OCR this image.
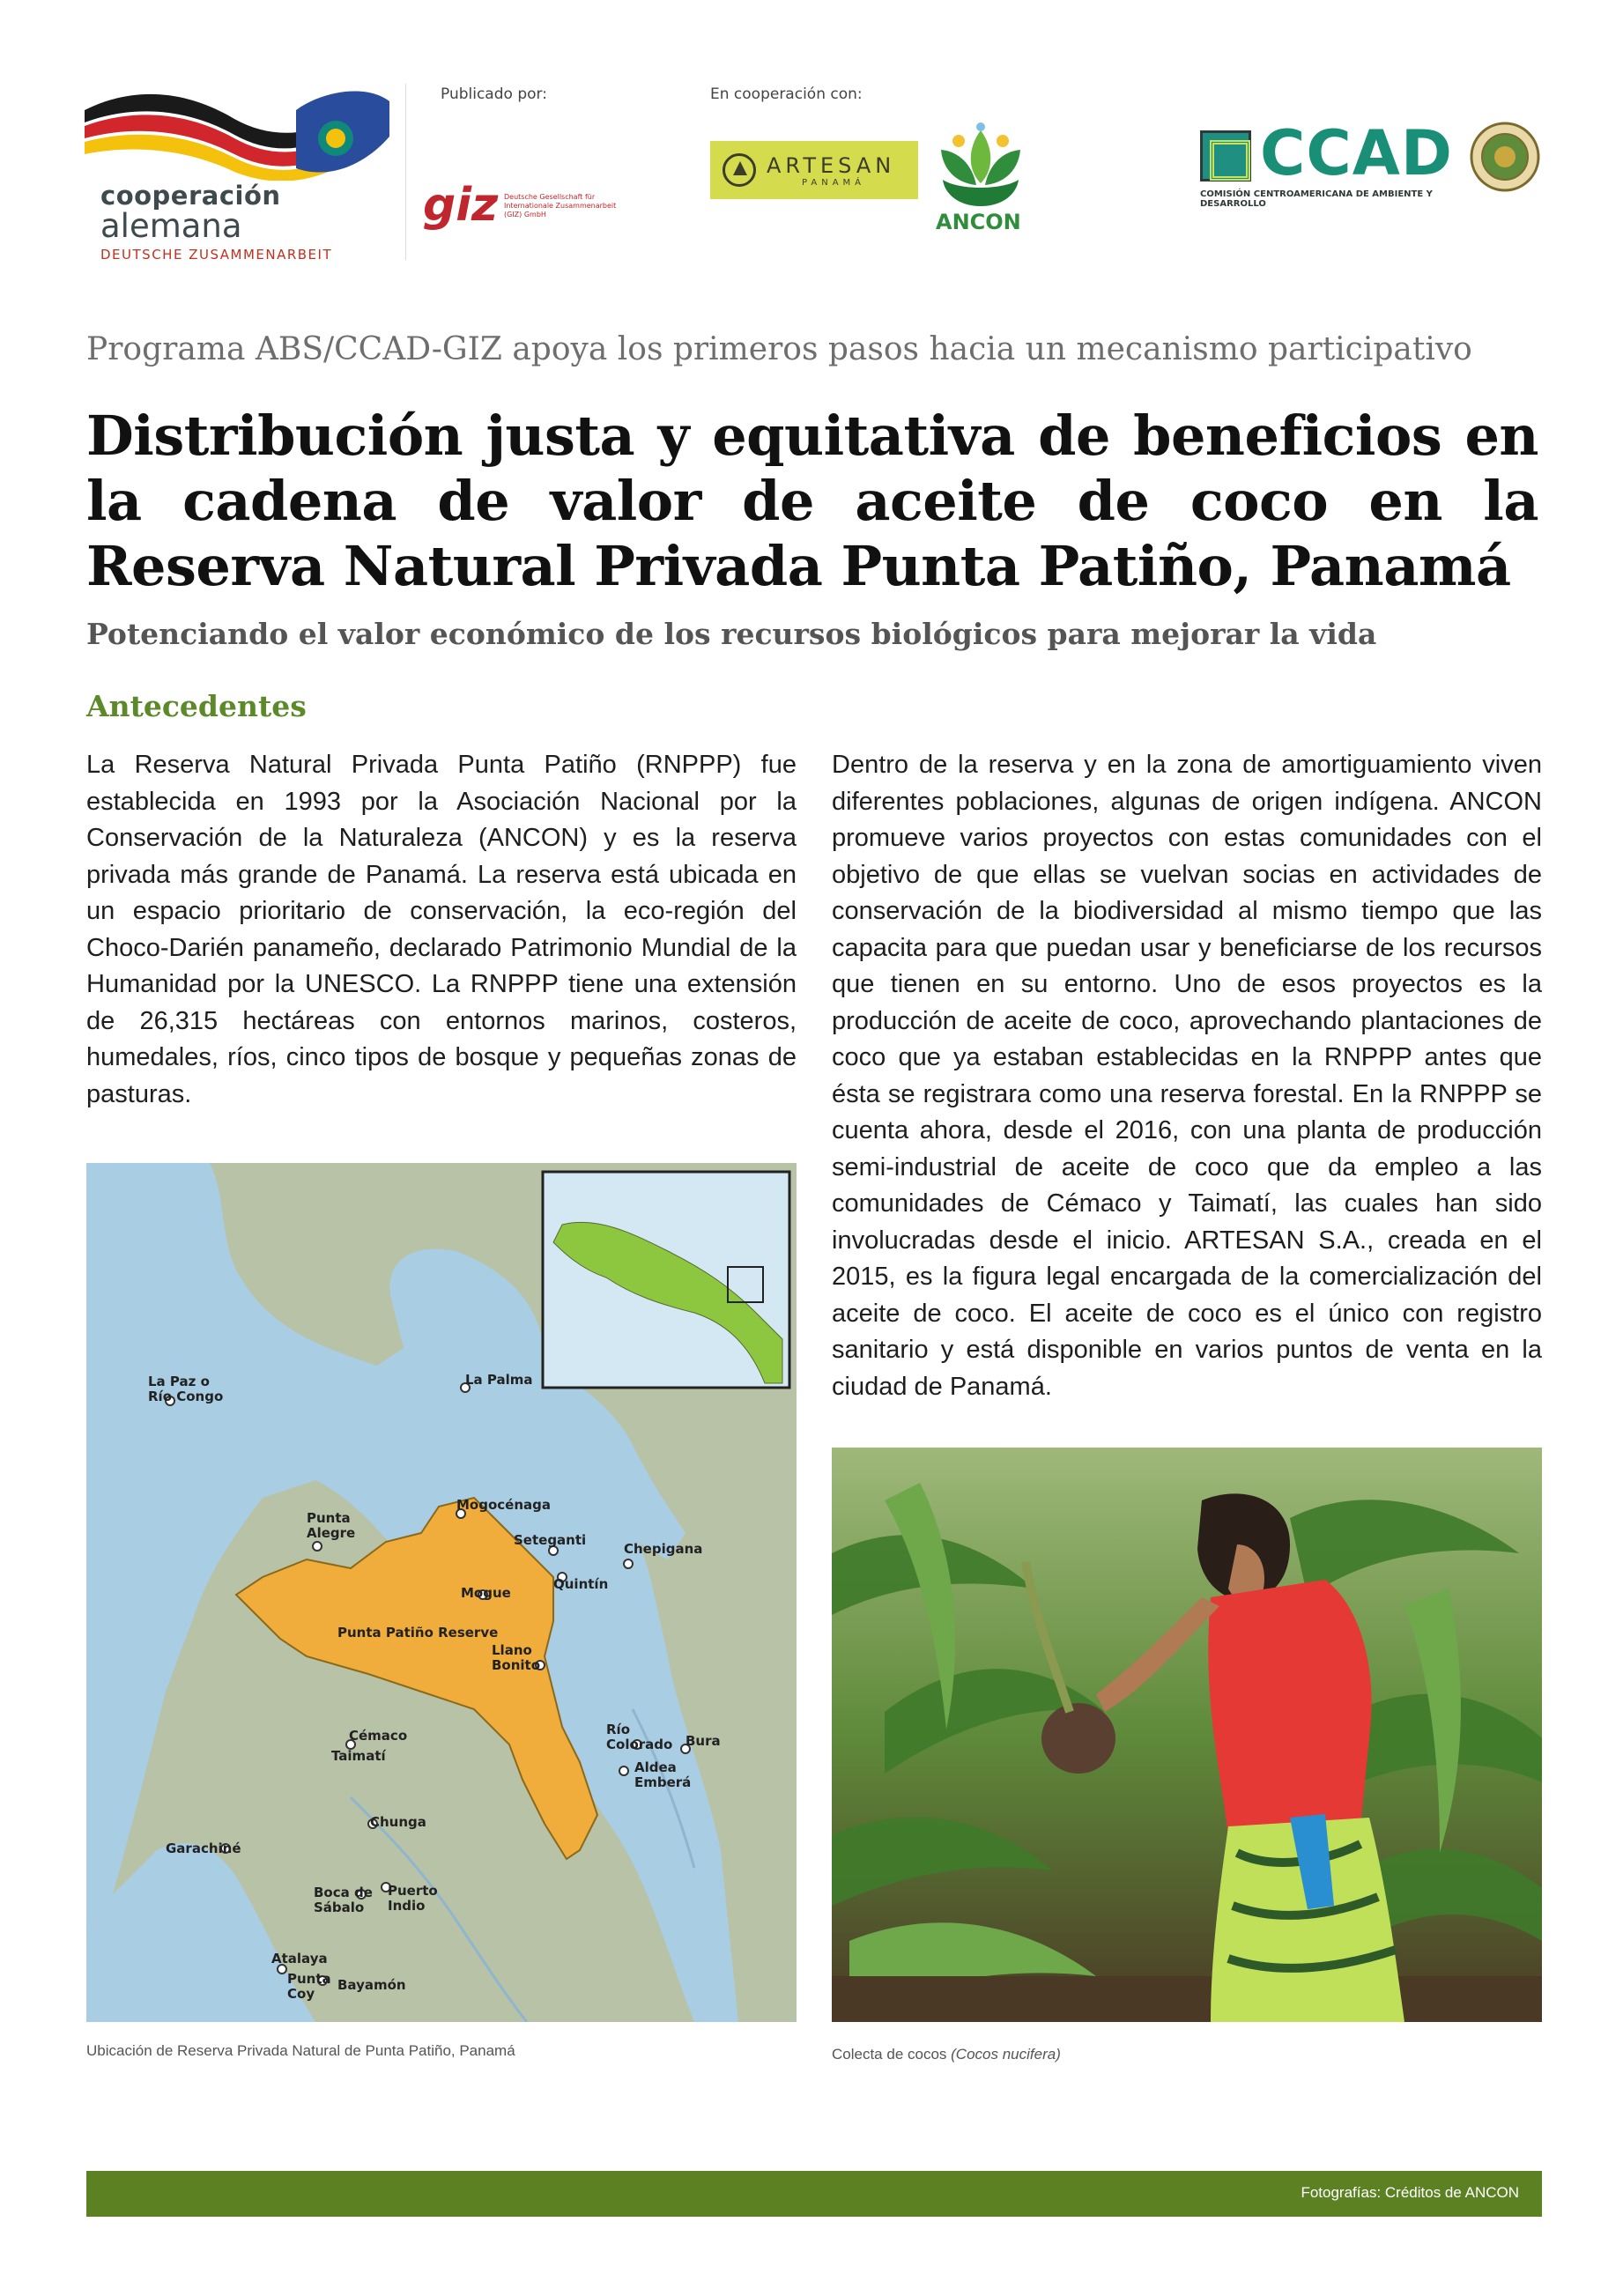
Publicado por:	En cooperación con:
cooperación
alemana
DEUTSCHE ZUSAMMENARBEIT
giz Deutsche Gesellschaft für Internationale Zusammenarbeit (GIZ) GmbH
ARTESAN
PANAMÁ
ANCON
CCAD
COMISIÓN CENTROAMERICANA DE AMBIENTE Y DESARROLLO
Programa ABS/CCAD-GIZ apoya los primeros pasos hacia un mecanismo participativo
Distribución justa y equitativa de beneficios en la cadena de valor de aceite de coco en la Reserva Natural Privada Punta Patiño, Panamá
Potenciando el valor económico de los recursos biológicos para mejorar la vida
Antecedentes

La Reserva Natural Privada Punta Patiño (RNPPP) fue establecida en 1993 por la Asociación Nacional por la Conservación de la Naturaleza (ANCON) y es la reserva privada más grande de Panamá. La reserva está ubicada en un espacio prioritario de conservación, la eco-región del Choco-Darién panameño, declarado Patrimonio Mundial de la Humanidad por la UNESCO. La RNPPP tiene una extensión de 26,315 hectáreas con entornos marinos, costeros, humedales, ríos, cinco tipos de bosque y pequeñas zonas de pasturas.

Dentro de la reserva y en la zona de amortiguamiento viven diferentes poblaciones, algunas de origen indígena. ANCON promueve varios proyectos con estas comunidades con el objetivo de que ellas se vuelvan socias en actividades de conservación de la biodiversidad al mismo tiempo que las capacita para que puedan usar y beneficiarse de los recursos que tienen en su entorno. Uno de esos proyectos es la producción de aceite de coco, aprovechando plantaciones de coco que ya estaban establecidas en la RNPPP antes que ésta se registrara como una reserva forestal. En la RNPPP se cuenta ahora, desde el 2016, con una planta de producción semi-industrial de aceite de coco que da empleo a las comunidades de Cémaco y Taimatí, las cuales han sido involucradas desde el inicio. ARTESAN S.A., creada en el 2015, es la figura legal encargada de la comercialización del aceite de coco. El aceite de coco es el único con registro sanitario y está disponible en varios puntos de venta en la ciudad de Panamá.

La Paz o
Río Congo

La Palma

Mogocénaga

Punta
Alegre

	Seteganti

Chepigana

Quintín

Mogue

Punta Patiño Reserve

Llano
Bonito

Río
Colorado

Bura

Aldea
Emberá

Cémaco

Taimatí

Chunga

Garachiné

Puerto
Indio

Boca de
Sábalo

Atalaya

Punta
Coy

Bayamón

Ubicación de Reserva Privada Natural de Punta Patiño, Panamá	Colecta de cocos (Cocos nucifera)
Fotografías: Créditos de ANCON
